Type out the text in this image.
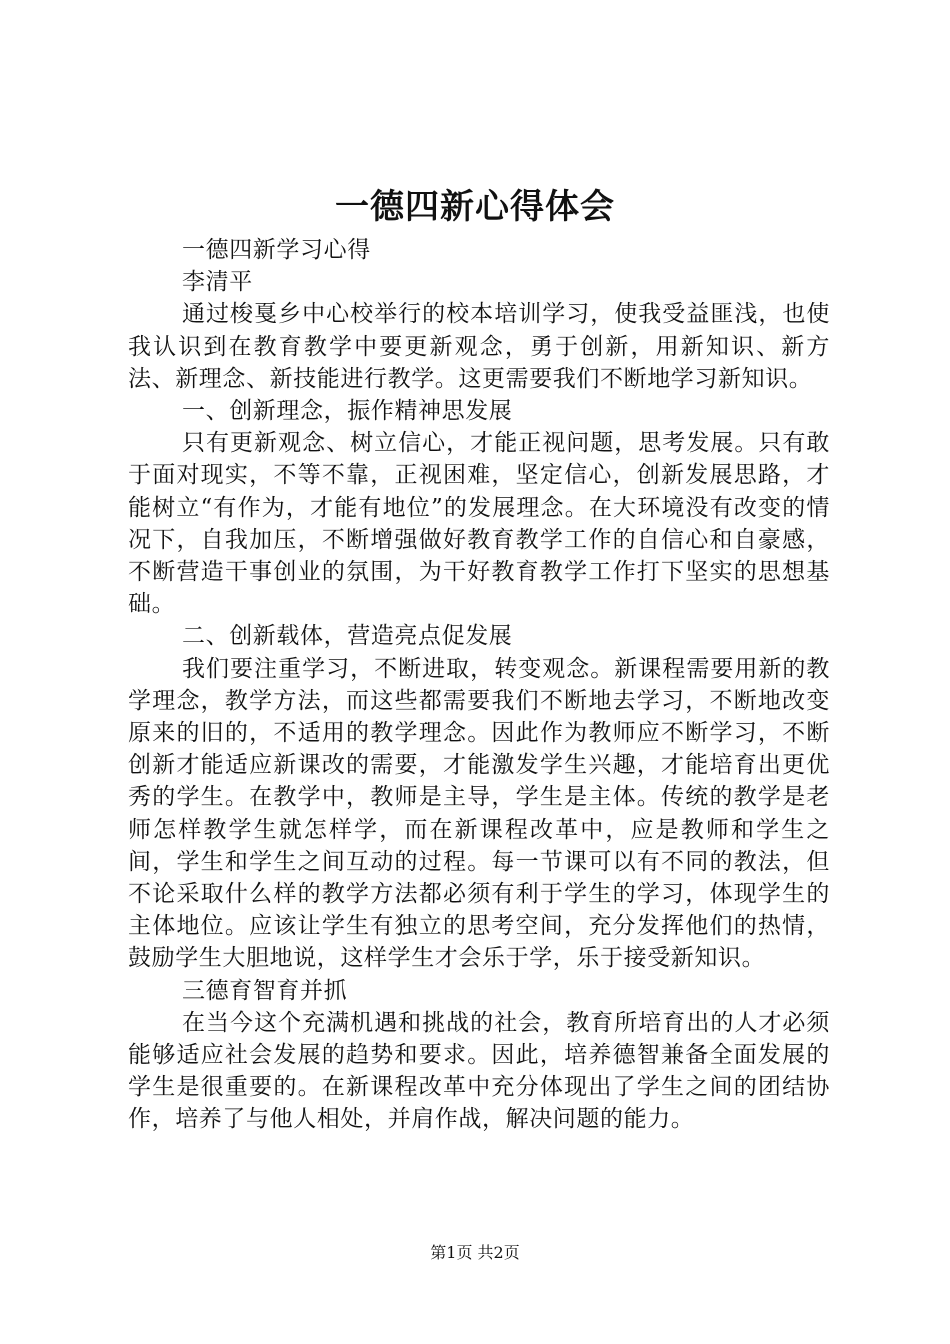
一德四新心得体会

一德四新学习心得

李清平

通过梭戛乡中心校举行的校本培训学习，使我受益匪浅，也使我认识到在教育教学中要更新观念，勇于创新，用新知识、新方法、新理念、新技能进行教学。这更需要我们不断地学习新知识。

一、创新理念，振作精神思发展

只有更新观念、树立信心，才能正视问题，思考发展。只有敢于面对现实，不等不靠，正视困难，坚定信心，创新发展思路，才能树立“有作为，才能有地位”的发展理念。在大环境没有改变的情况下，自我加压，不断增强做好教育教学工作的自信心和自豪感，不断营造干事创业的氛围，为干好教育教学工作打下坚实的思想基础。

二、创新载体，营造亮点促发展

我们要注重学习，不断进取，转变观念。新课程需要用新的教学理念，教学方法，而这些都需要我们不断地去学习，不断地改变原来的旧的，不适用的教学理念。因此作为教师应不断学习，不断创新才能适应新课改的需要，才能激发学生兴趣，才能培育出更优秀的学生。在教学中，教师是主导，学生是主体。传统的教学是老师怎样教学生就怎样学，而在新课程改革中，应是教师和学生之间，学生和学生之间互动的过程。每一节课可以有不同的教法，但不论采取什么样的教学方法都必须有利于学生的学习，体现学生的主体地位。应该让学生有独立的思考空间，充分发挥他们的热情，鼓励学生大胆地说，这样学生才会乐于学，乐于接受新知识。

三德育智育并抓

在当今这个充满机遇和挑战的社会，教育所培育出的人才必须能够适应社会发展的趋势和要求。因此，培养德智兼备全面发展的学生是很重要的。在新课程改革中充分体现出了学生之间的团结协作，培养了与他人相处，并肩作战，解决问题的能力。

第1页 共2页
